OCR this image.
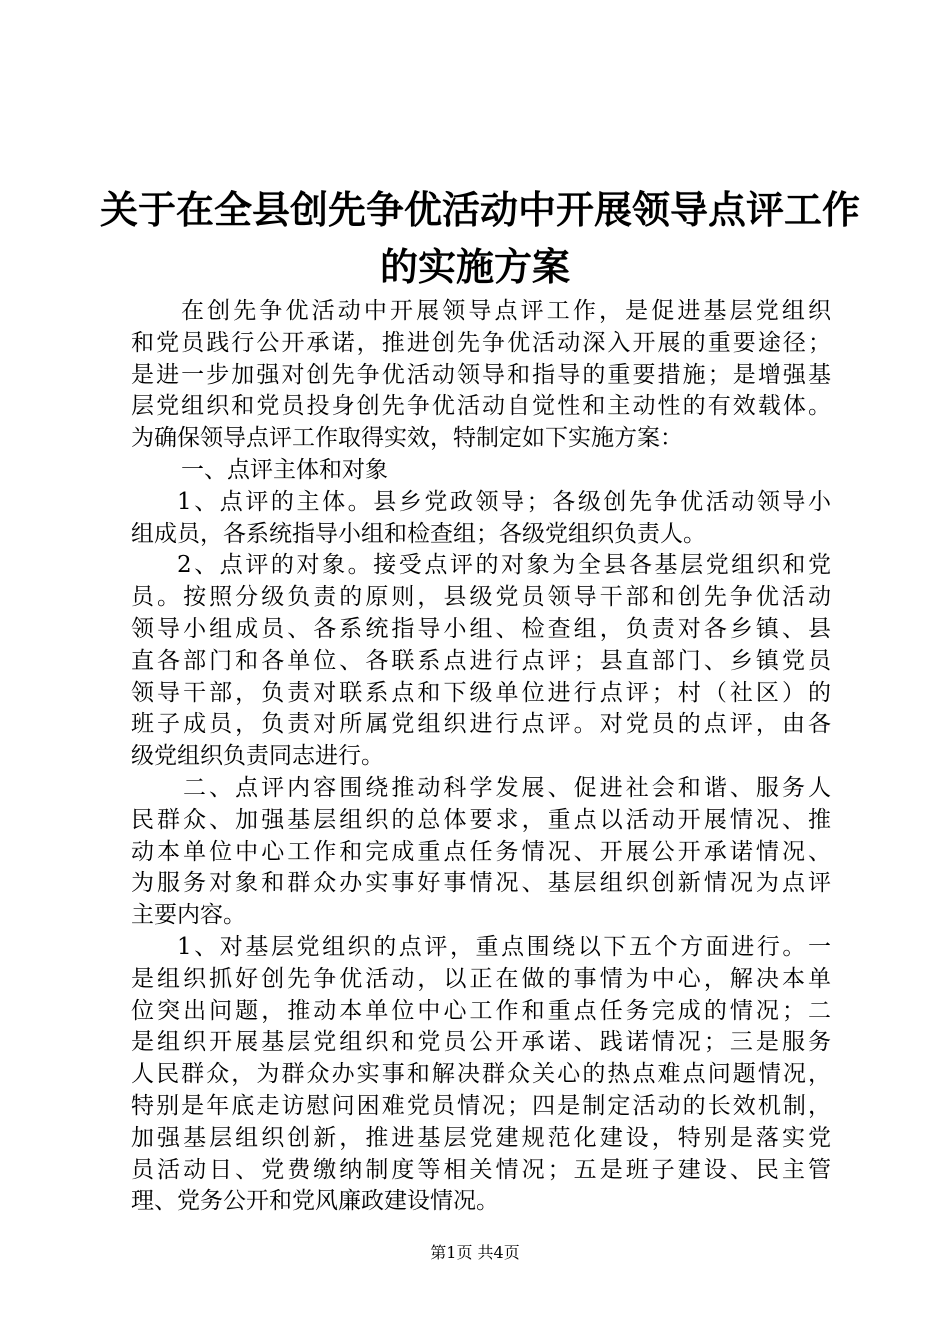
关于在全县创先争优活动中开展领导点评工作
的实施方案
在创先争优活动中开展领导点评工作，是促进基层党组织
和党员践行公开承诺，推进创先争优活动深入开展的重要途径；
是进一步加强对创先争优活动领导和指导的重要措施；是增强基
层党组织和党员投身创先争优活动自觉性和主动性的有效载体。
为确保领导点评工作取得实效，特制定如下实施方案：
一、点评主体和对象
1、点评的主体。县乡党政领导；各级创先争优活动领导小
组成员，各系统指导小组和检查组；各级党组织负责人。
2、点评的对象。接受点评的对象为全县各基层党组织和党
员。按照分级负责的原则，县级党员领导干部和创先争优活动
领导小组成员、各系统指导小组、检查组，负责对各乡镇、县
直各部门和各单位、各联系点进行点评；县直部门、乡镇党员
领导干部，负责对联系点和下级单位进行点评；村（社区）的
班子成员，负责对所属党组织进行点评。对党员的点评，由各
级党组织负责同志进行。
二、点评内容围绕推动科学发展、促进社会和谐、服务人
民群众、加强基层组织的总体要求，重点以活动开展情况、推
动本单位中心工作和完成重点任务情况、开展公开承诺情况、
为服务对象和群众办实事好事情况、基层组织创新情况为点评
主要内容。
1、对基层党组织的点评，重点围绕以下五个方面进行。一
是组织抓好创先争优活动，以正在做的事情为中心，解决本单
位突出问题，推动本单位中心工作和重点任务完成的情况；二
是组织开展基层党组织和党员公开承诺、践诺情况；三是服务
人民群众，为群众办实事和解决群众关心的热点难点问题情况，
特别是年底走访慰问困难党员情况；四是制定活动的长效机制，
加强基层组织创新，推进基层党建规范化建设，特别是落实党
员活动日、党费缴纳制度等相关情况；五是班子建设、民主管
理、党务公开和党风廉政建设情况。
第1页 共4页
